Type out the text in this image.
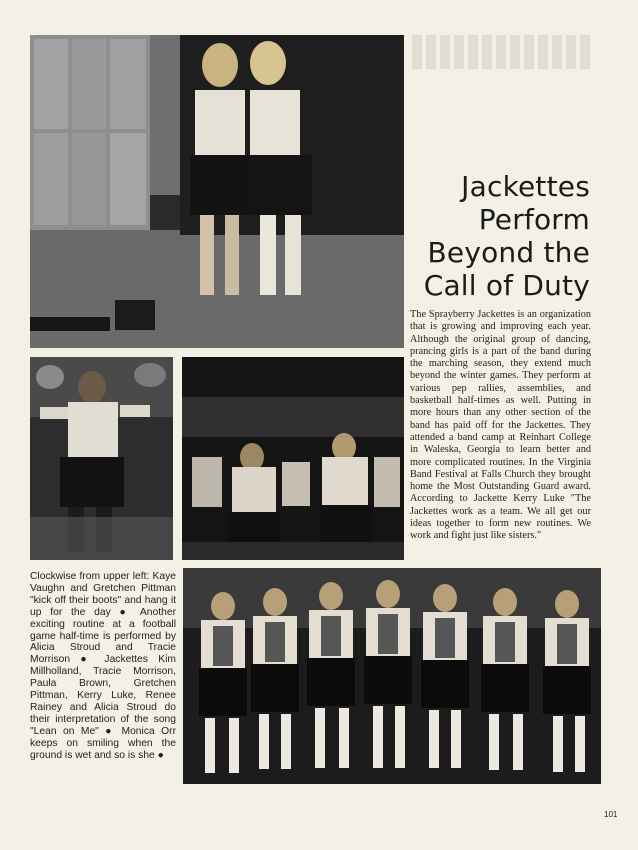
Jackettes
Perform
Beyond the
Call of Duty
The Sprayberry Jackettes is an organization that is growing and improving each year. Although the original group of dancing, prancing girls is a part of the band during the marching season, they extend much beyond the winter games. They perform at various pep rallies, assemblies, and basketball half-times as well. Putting in more hours than any other section of the band has paid off for the Jackettes. They attended a band camp at Reinhart College in Waleska, Georgia to learn better and more complicated routines. In the Virginia Band Festival at Falls Church they brought home the Most Outstanding Guard award. According to Jackette Kerry Luke "The Jackettes work as a team. We all get our ideas together to form new routines. We work and fight just like sisters."
Clockwise from upper left: Kaye Vaughn and Gretchen Pittman "kick off their boots" and hang it up for the day ● Another exciting routine at a football game half-time is performed by Alicia Stroud and Tracie Morrison ● Jackettes Kim Millholland, Tracie Morrison, Paula Brown, Gretchen Pittman, Kerry Luke, Renee Rainey and Alicia Stroud do their interpretation of the song "Lean on Me" ● Monica Orr keeps on smiling when the ground is wet and so is she ●
101
